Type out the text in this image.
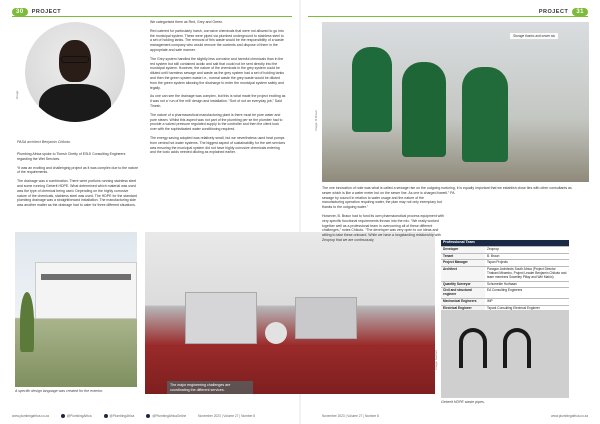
30	PROJECT	PROJECT	31
Image:
PASA architect Benjamin Chikoto.

Plumbing Africa spoke to Tinesh Chetty of ESIJI Consulting Engineers regarding the Wet Services.

“It was an exciting and challenging project as it was complex due to the nature of the requirements.

The drainage was a combination. There were portions running stainless steel and some running Geberit HDPE. What determined which material was used was the type of chemical being used. Depending on the highly corrosive nature of the chemicals, stainless steel was used. The HDPE for the standard plumbing drainage was a straightforward installation. The manufacturing side was another matter as the drainage had to cater for three different situations.

We categorised them as Red, Grey and Green.

Red catered for particularly harsh, corrosive chemicals that were not allowed to go into the municipal system. These were piped via plumbed underground to stainless steel to a set of holding tanks. The removal of this waste would be the responsibility of a waste management company who would remove the contents and dispose of them in the appropriate and safe manner.

The Grey system handled the slightly less corrosive and harmful chemicals than in the red system but still contained acidic and salt that could not be sent directly into the municipal system. However, the nature of the chemicals in the grey system could be diluted until harmless sewage and waste as the grey system had a set of holding tanks and then the green system waste i.e., normal waste the grey waste would be diluted from the green system allowing the discharge to enter the municipal system safely and legally.

As one can see the drainage was complex, but this is what made the project exciting as it was not a ‘run of the mill’ design and installation. “Sort of out an everyday job,” Said Tinesh.

The nature of a pharmaceutical manufacturing plant is there must be pure water and pure steam. Whilst this aspect was not part of the plumbing per se the plumber had to provide a valved pressure regulated supply to the controller and then the client took over with the sophisticated water conditioning required.

The energy saving adopted was relatively small, but we nevertheless used heat pumps from central hot water systems. The biggest aspect of sustainability for the wet services was ensuring the municipal system did not have highly corrosive chemicals entering and the toxic acids needed diluting as explained earlier.

A specific design language was created for the exterior.
The major engineering challenges are coordinating the different services.
Storage thanks and sewer stu
Image: B.Braun

The one innovation of note was what is called a sewage rise on the outgoing sewer which is like a water meter but on the sewer line. As one is charged for sewage by council in relation to water usage and the nature of the manufacturing operation requiring water, the plan may not only exemplary but thanks to the outgoing water.”

However, B. Braun had to fund its own pharmaceutical process equipment with very specific functional requirements thrown into the mix. “We really worked together well as a professional team in overcoming all of these different challenges,” notes Chikoto. “The developer was very open to our ideas and willing to take these onboard. While we have a longstanding relationship with Zeoprop that we are continuously

nurturing, it is equally important that we establish close ties with other consultants as well.” PA

Professional Team	
Developer	Zeoprop
Tenant	B. Braun
Project Manager	Tspan Projects
Architect	Paragon Architects South Africa (Project Director Thabani Mbambo, Project Leader Benjamin Chikoto and team members Sowelley Pillay and Wiri Mahlo)
Quantity Surveyor	Schumeide Hurfaaan
Civil and structural engineer	EA Consulting Engineers
Mechanical Engineers	IMP
Electrical Engineer	Tspark Consulting Electrical Engineer

Image: Geberit
Geberit HDPE waste pipes.
www.plumbingafrica.co.za	@PlumbingAfrica	@PlumbingAfrica	@PlumbingAfricaOnline	November 2023 | Volume 27 | Number 8	November 2023 | Volume 27 | Number 8	www.plumbingafrica.co.za
